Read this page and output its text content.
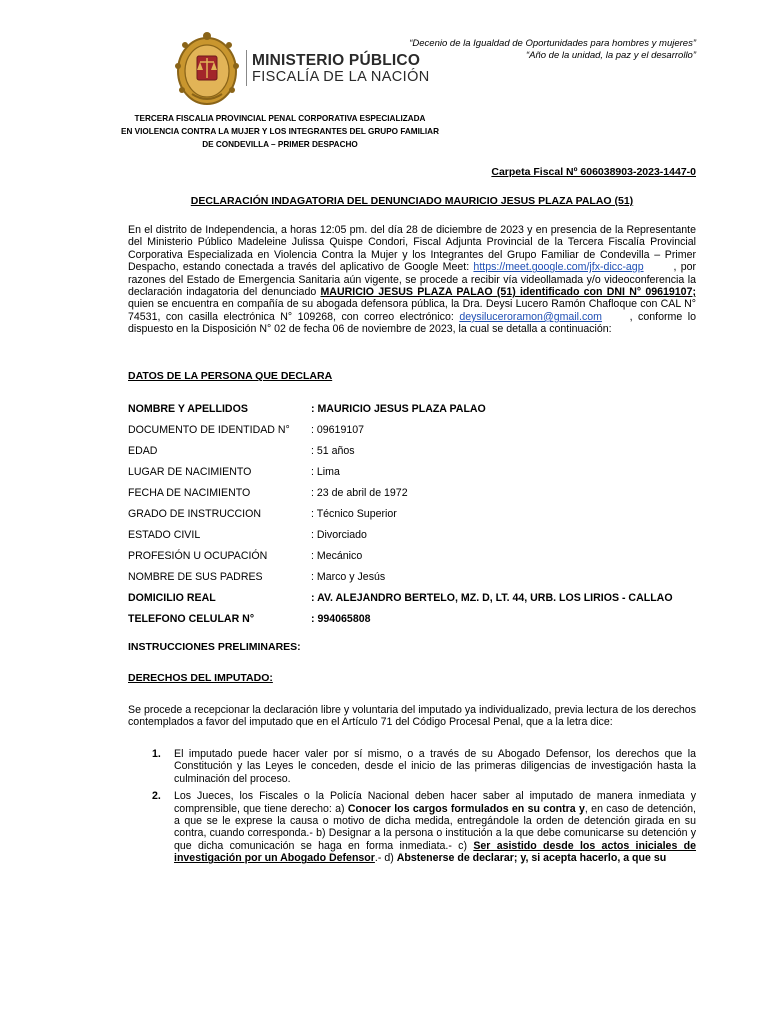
MINISTERIO PÚBLICO
FISCALÍA DE LA NACIÓN
“Decenio de la Igualdad de Oportunidades para hombres y mujeres”
“Año de la unidad, la paz y el desarrollo”
TERCERA FISCALIA PROVINCIAL PENAL CORPORATIVA ESPECIALIZADA
EN VIOLENCIA CONTRA LA MUJER Y LOS INTEGRANTES DEL GRUPO FAMILIAR
DE CONDEVILLA – PRIMER DESPACHO
Carpeta Fiscal Nº 606038903-2023-1447-0
DECLARACIÓN INDAGATORIA DEL DENUNCIADO MAURICIO JESUS PLAZA PALAO (51)
En el distrito de Independencia, a horas 12:05 pm. del día 28 de diciembre de 2023 y en presencia de la Representante del Ministerio Público Madeleine Julissa Quispe Condori, Fiscal Adjunta Provincial de la Tercera Fiscalía Provincial Corporativa Especializada en Violencia Contra la Mujer y los Integrantes del Grupo Familiar de Condevilla – Primer Despacho, estando conectada a través del aplicativo de Google Meet: https://meet.google.com/jfx-dicc-agp	, por razones del Estado de Emergencia Sanitaria aún vigente, se procede a recibir vía videollamada y/o videoconferencia la declaración indagatoria del denunciado MAURICIO JESUS PLAZA PALAO (51) identificado con DNI N° 09619107; quien se encuentra en compañía de su abogada defensora pública, la Dra. Deysi Lucero Ramón Chafloque con CAL N° 74531, con casilla electrónica N° 109268, con correo electrónico: deysiluceroramon@gmail.com	, conforme lo dispuesto en la Disposición N° 02 de fecha 06 de noviembre de 2023, la cual se detalla a continuación:
DATOS DE LA PERSONA QUE DECLARA
NOMBRE Y APELLIDOS	: MAURICIO JESUS PLAZA PALAO
DOCUMENTO DE IDENTIDAD N° : 09619107
EDAD	: 51 años
LUGAR DE NACIMIENTO	: Lima
FECHA DE NACIMIENTO	: 23 de abril de 1972
GRADO DE INSTRUCCION	: Técnico Superior
ESTADO CIVIL	: Divorciado
PROFESIÓN U OCUPACIÓN	: Mecánico
NOMBRE DE SUS PADRES	: Marco y Jesús
DOMICILIO REAL	: AV. ALEJANDRO BERTELO, MZ. D, LT. 44, URB. LOS LIRIOS - CALLAO
TELEFONO CELULAR N°	: 994065808
INSTRUCCIONES PRELIMINARES:
DERECHOS DEL IMPUTADO:
Se procede a recepcionar la declaración libre y voluntaria del imputado ya individualizado, previa lectura de los derechos contemplados a favor del imputado que en el Artículo 71 del Código Procesal Penal, que a la letra dice:
1. El imputado puede hacer valer por sí mismo, o a través de su Abogado Defensor, los derechos que la Constitución y las Leyes le conceden, desde el inicio de las primeras diligencias de investigación hasta la culminación del proceso.
2. Los Jueces, los Fiscales o la Policía Nacional deben hacer saber al imputado de manera inmediata y comprensible, que tiene derecho: a) Conocer los cargos formulados en su contra y, en caso de detención, a que se le exprese la causa o motivo de dicha medida, entregándole la orden de detención girada en su contra, cuando corresponda.- b) Designar a la persona o institución a la que debe comunicarse su detención y que dicha comunicación se haga en forma inmediata.- c) Ser asistido desde los actos iniciales de investigación por un Abogado Defensor.- d) Abstenerse de declarar; y, si acepta hacerlo, a que su
